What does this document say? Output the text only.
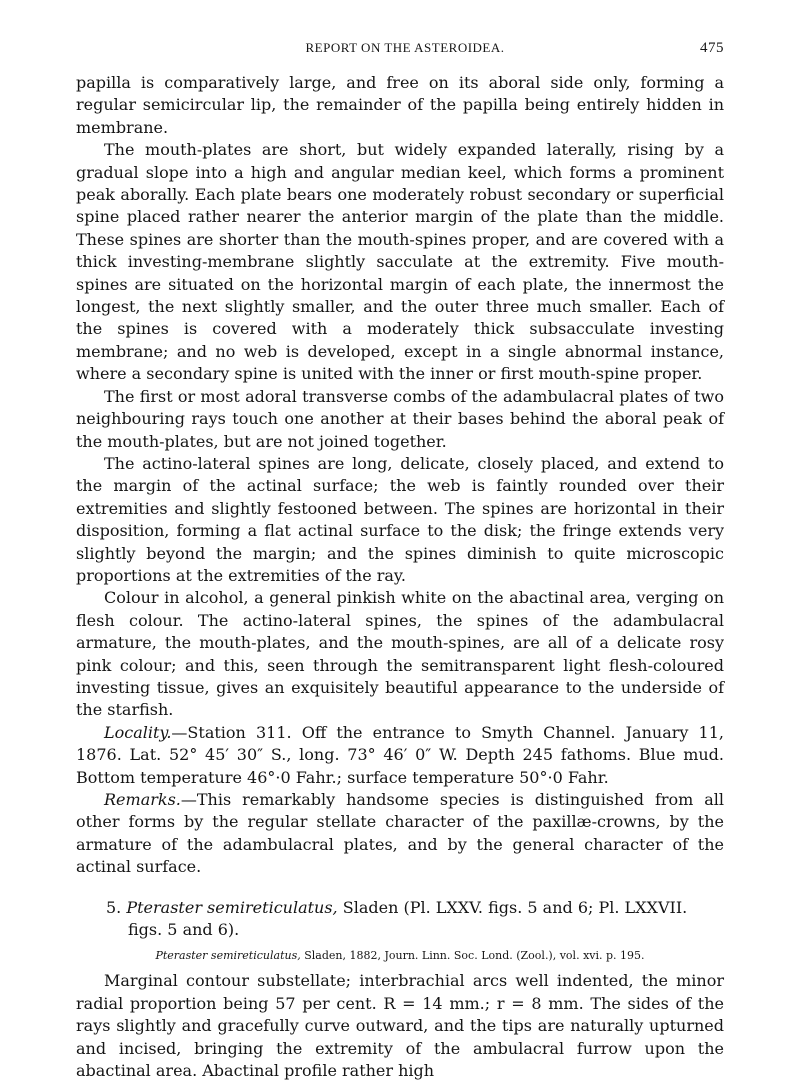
REPORT ON THE ASTEROIDEA.	475

papilla is comparatively large, and free on its aboral side only, forming a regular semicircular lip, the remainder of the papilla being entirely hidden in membrane.

The mouth-plates are short, but widely expanded laterally, rising by a gradual slope into a high and angular median keel, which forms a prominent peak aborally. Each plate bears one moderately robust secondary or superficial spine placed rather nearer the anterior margin of the plate than the middle. These spines are shorter than the mouth-spines proper, and are covered with a thick investing-membrane slightly sacculate at the extremity. Five mouth-spines are situated on the horizontal margin of each plate, the innermost the longest, the next slightly smaller, and the outer three much smaller. Each of the spines is covered with a moderately thick subsacculate investing membrane; and no web is developed, except in a single abnormal instance, where a secondary spine is united with the inner or first mouth-spine proper.

The first or most adoral transverse combs of the adambulacral plates of two neighbouring rays touch one another at their bases behind the aboral peak of the mouth-plates, but are not joined together.

The actino-lateral spines are long, delicate, closely placed, and extend to the margin of the actinal surface; the web is faintly rounded over their extremities and slightly festooned between. The spines are horizontal in their disposition, forming a flat actinal surface to the disk; the fringe extends very slightly beyond the margin; and the spines diminish to quite microscopic proportions at the extremities of the ray.

Colour in alcohol, a general pinkish white on the abactinal area, verging on flesh colour. The actino-lateral spines, the spines of the adambulacral armature, the mouth-plates, and the mouth-spines, are all of a delicate rosy pink colour; and this, seen through the semitransparent light flesh-coloured investing tissue, gives an exquisitely beautiful appearance to the underside of the starfish.

Locality.—Station 311. Off the entrance to Smyth Channel. January 11, 1876. Lat. 52° 45′ 30″ S., long. 73° 46′ 0″ W. Depth 245 fathoms. Blue mud. Bottom temperature 46°·0 Fahr.; surface temperature 50°·0 Fahr.

Remarks.—This remarkably handsome species is distinguished from all other forms by the regular stellate character of the paxillæ-crowns, by the armature of the adambulacral plates, and by the general character of the actinal surface.

5. Pteraster semireticulatus, Sladen (Pl. LXXV. figs. 5 and 6; Pl. LXXVII. figs. 5 and 6).
Pteraster semireticulatus, Sladen, 1882, Journ. Linn. Soc. Lond. (Zool.), vol. xvi. p. 195.

Marginal contour substellate; interbrachial arcs well indented, the minor radial proportion being 57 per cent. R = 14 mm.; r = 8 mm. The sides of the rays slightly and gracefully curve outward, and the tips are naturally upturned and incised, bringing the extremity of the ambulacral furrow upon the abactinal area. Abactinal profile rather high
